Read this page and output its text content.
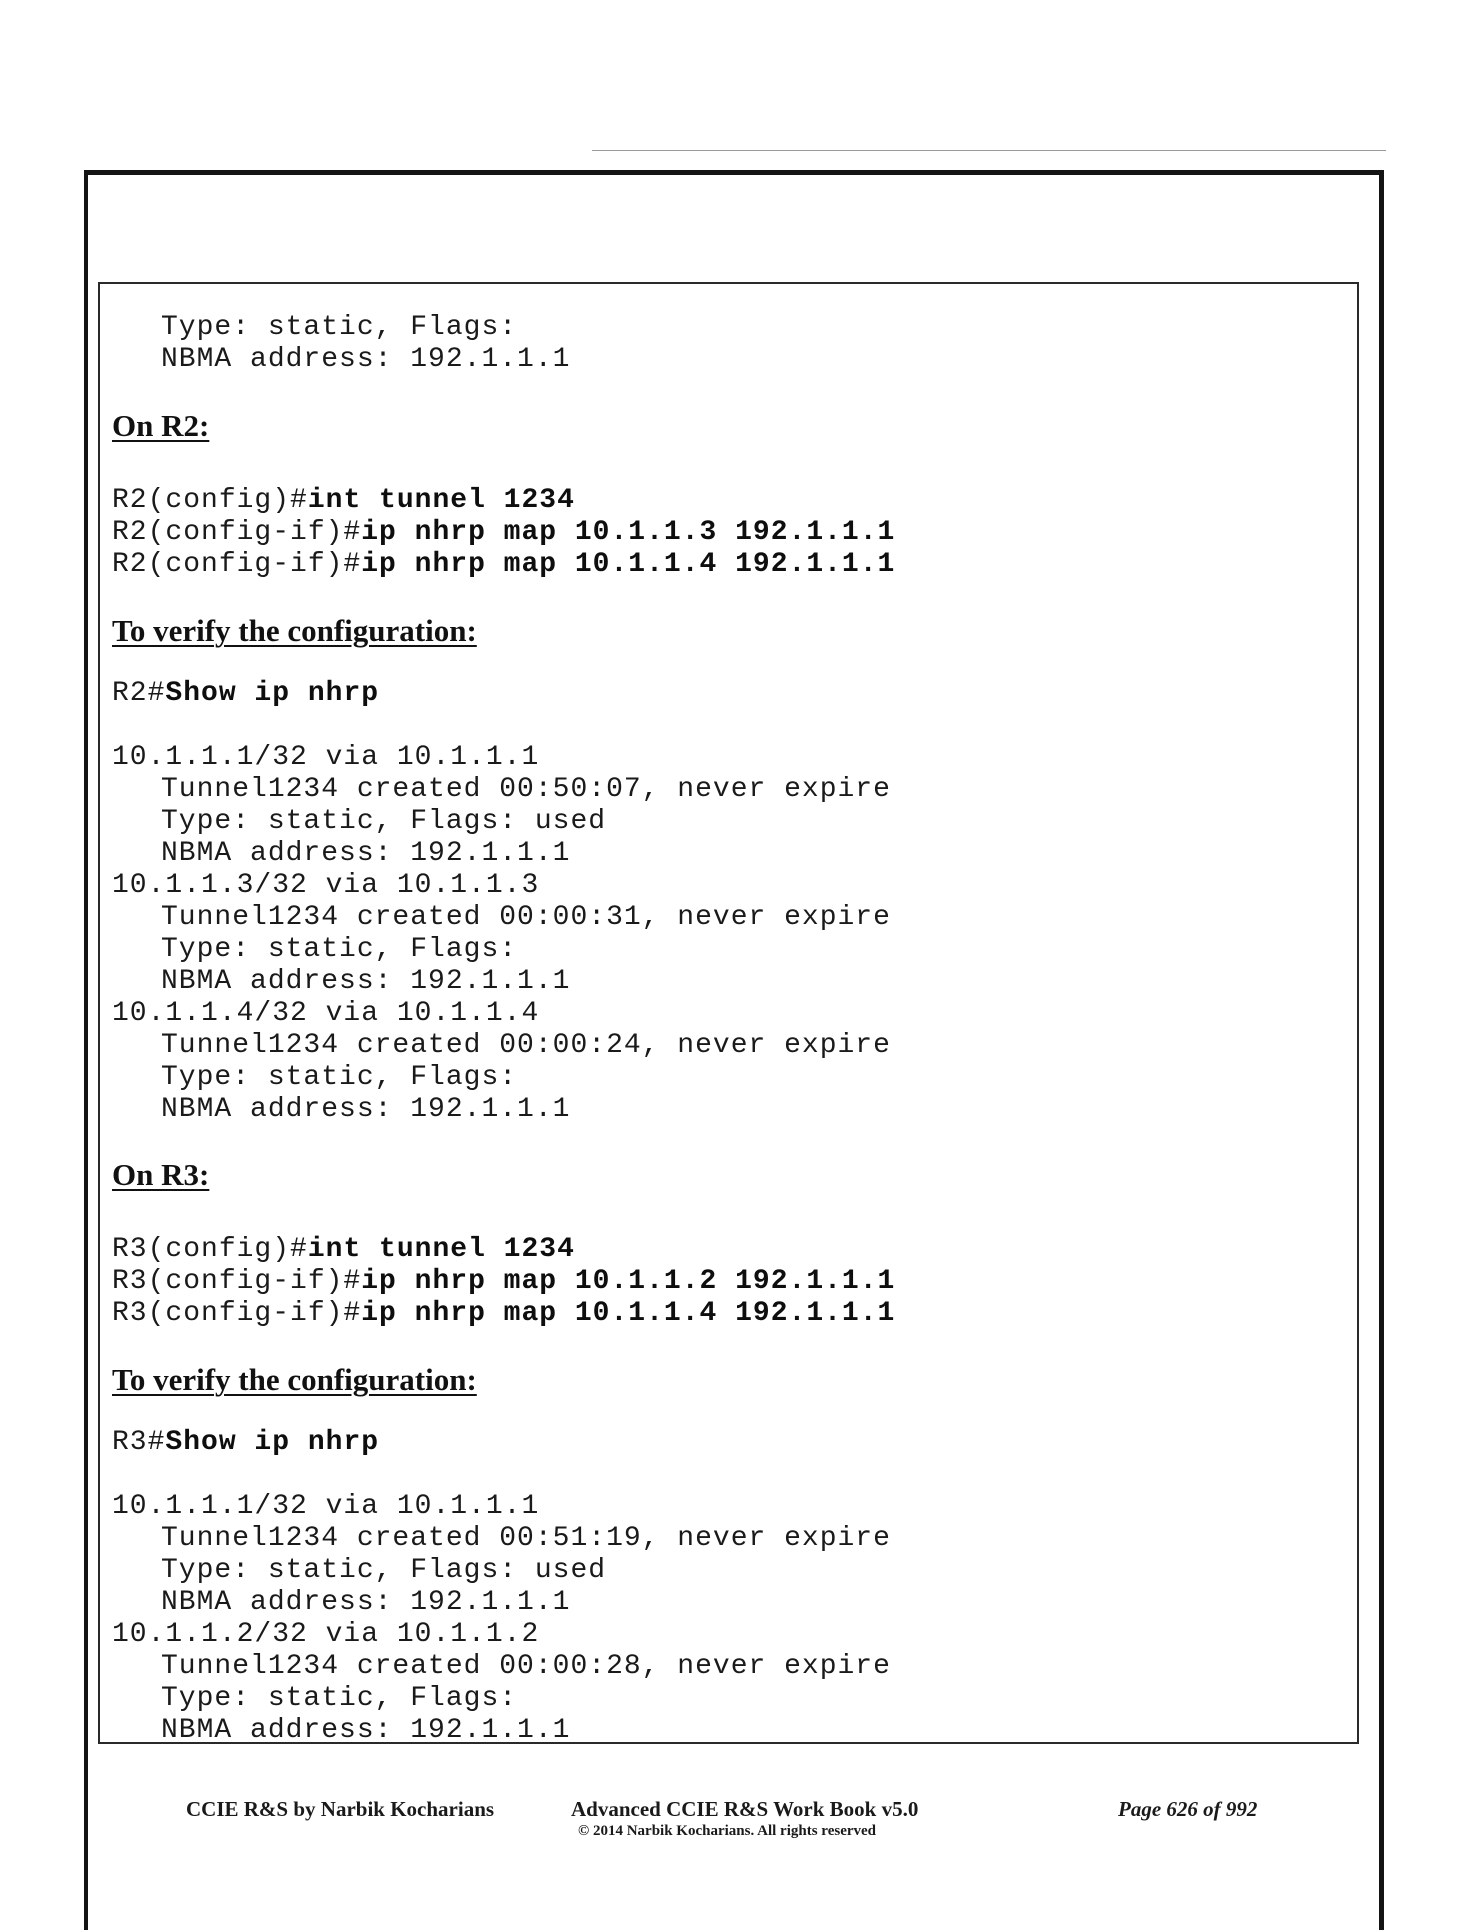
Type: static, Flags:
NBMA address: 192.1.1.1
On R2:
R2(config)#int tunnel 1234
R2(config-if)#ip nhrp map 10.1.1.3 192.1.1.1
R2(config-if)#ip nhrp map 10.1.1.4 192.1.1.1
To verify the configuration:
R2#Show ip nhrp
10.1.1.1/32 via 10.1.1.1
Tunnel1234 created 00:50:07, never expire
Type: static, Flags: used
NBMA address: 192.1.1.1
10.1.1.3/32 via 10.1.1.3
Tunnel1234 created 00:00:31, never expire
Type: static, Flags:
NBMA address: 192.1.1.1
10.1.1.4/32 via 10.1.1.4
Tunnel1234 created 00:00:24, never expire
Type: static, Flags:
NBMA address: 192.1.1.1
On R3:
R3(config)#int tunnel 1234
R3(config-if)#ip nhrp map 10.1.1.2 192.1.1.1
R3(config-if)#ip nhrp map 10.1.1.4 192.1.1.1
To verify the configuration:
R3#Show ip nhrp
10.1.1.1/32 via 10.1.1.1
Tunnel1234 created 00:51:19, never expire
Type: static, Flags: used
NBMA address: 192.1.1.1
10.1.1.2/32 via 10.1.1.2
Tunnel1234 created 00:00:28, never expire
Type: static, Flags:
NBMA address: 192.1.1.1
CCIE R&S by Narbik Kocharians	Advanced CCIE R&S Work Book v5.0
© 2014 Narbik Kocharians. All rights reserved
Page 626 of 992
